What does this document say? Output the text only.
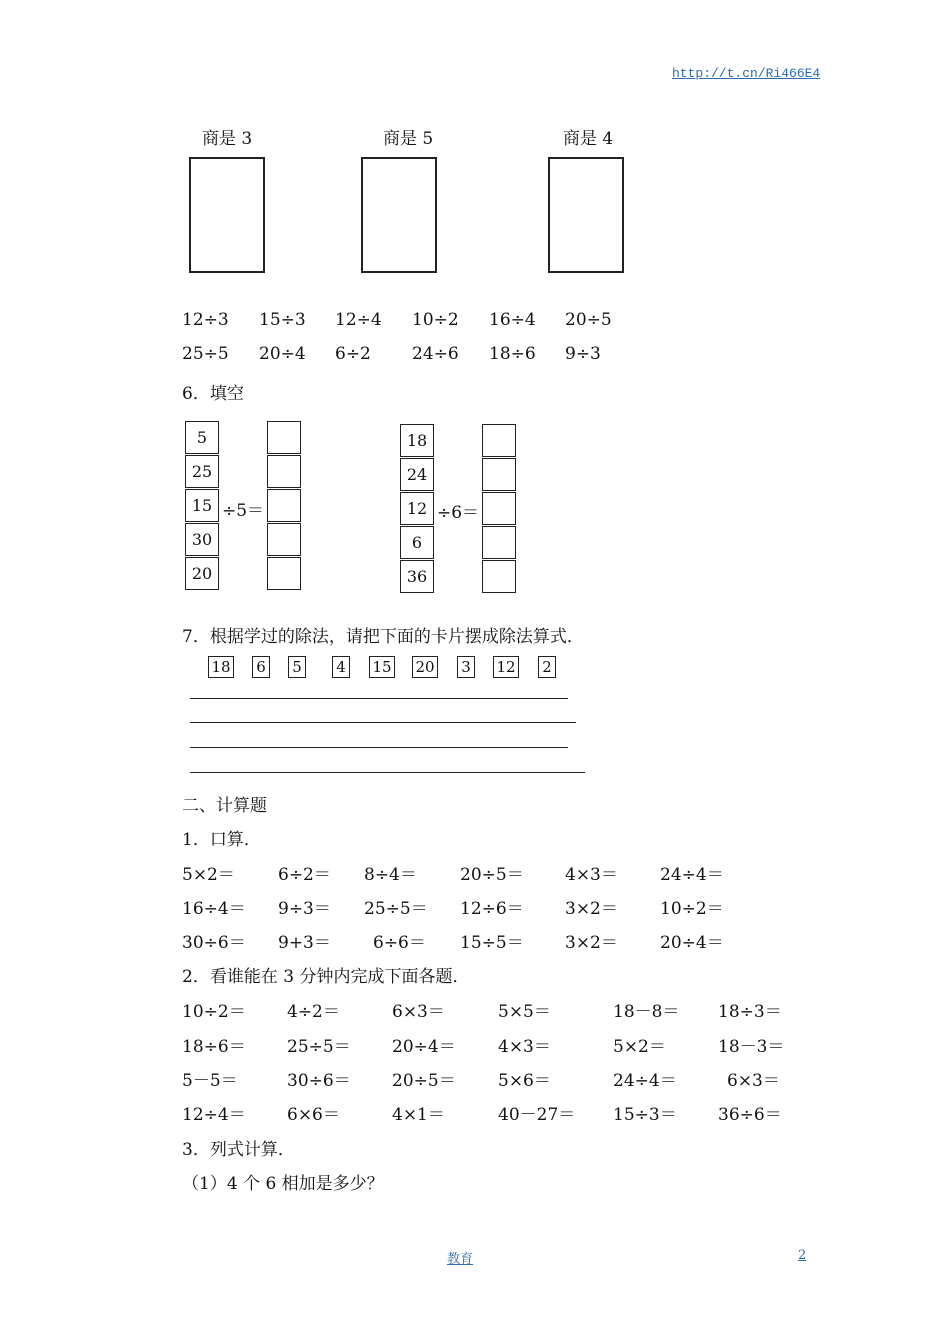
http://t.cn/Ri466E4
商是 3	商是 5	商是 4
12÷3 15÷3 12÷4 10÷2 16÷4 20÷5
25÷5 20÷4 6÷2 24÷6 18÷6 9÷3
6．填空
5
25
15
30
20
÷5＝
18
24
12
6
36
÷6＝
7．根据学过的除法，请把下面的卡片摆成除法算式．
18 6 5 4 15 20 3 12 2
二、计算题
1．口算．
5×2＝	6÷2＝ 8÷4＝	20÷5＝ 4×3＝ 24÷4＝
16÷4＝ 9÷3＝ 25÷5＝ 12÷6＝ 3×2＝ 10÷2＝
30÷6＝ 9+3＝ 6÷6＝ 15÷5＝ 3×2＝ 20÷4＝
2．看谁能在 3 分钟内完成下面各题．
10÷2＝ 4÷2＝	6×3＝	5×5＝	18－8＝ 18÷3＝
18÷6＝ 25÷5＝ 20÷4＝ 4×3＝	5×2＝	18－3＝
5－5＝	30÷6＝ 20÷5＝ 5×6＝	24÷4＝	6×3＝
12÷4＝ 6×6＝	4×1＝	40－27＝ 15÷3＝ 36÷6＝
3．列式计算．
（1）4 个 6 相加是多少？
教育	2
